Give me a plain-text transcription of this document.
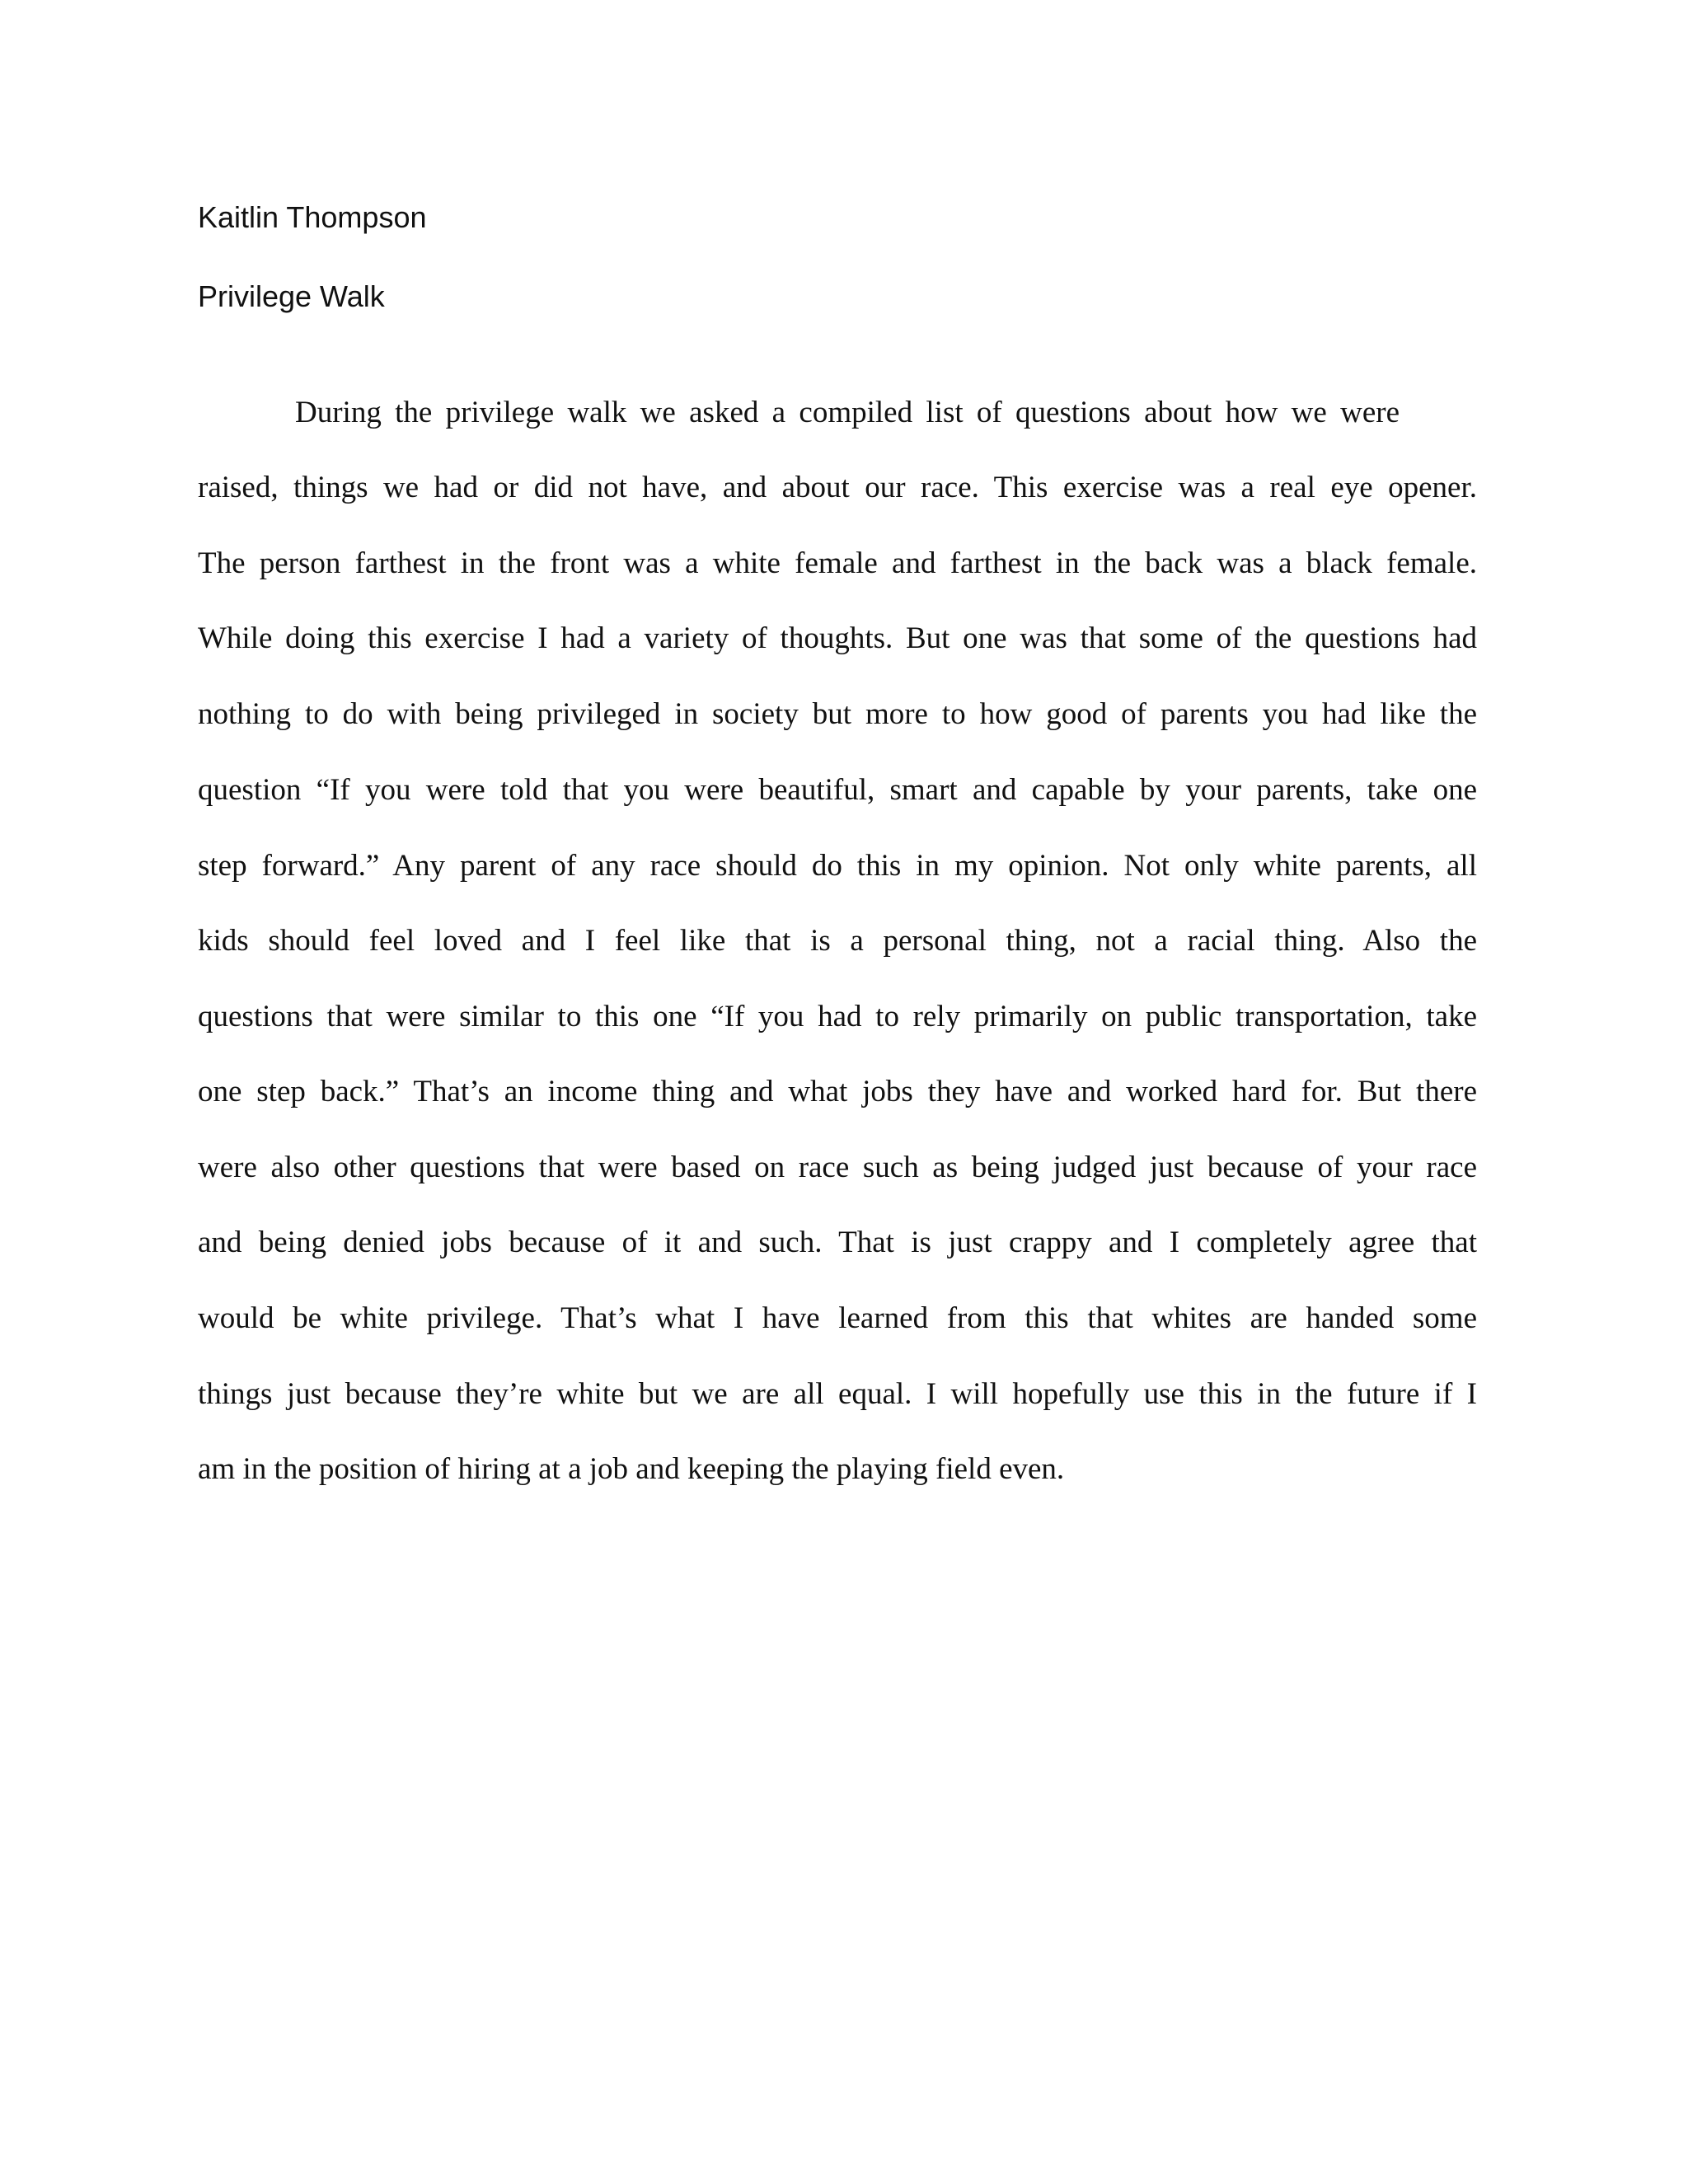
Kaitlin Thompson
Privilege Walk
During the privilege walk we asked a compiled list of questions about how we were
raised, things we had or did not have, and about our race. This exercise was a real eye opener.
The person farthest in the front was a white female and farthest in the back was a black female.
While doing this exercise I had a variety of thoughts. But one was that some of the questions had
nothing to do with being privileged in society but more to how good of parents you had like the
question “If you were told that you were beautiful, smart and capable by your parents, take one
step forward.” Any parent of any race should do this in my opinion. Not only white parents, all
kids should feel loved and I feel like that is a personal thing, not a racial thing. Also the
questions that were similar to this one “If you had to rely primarily on public transportation, take
one step back.” That’s an income thing and what jobs they have and worked hard for. But there
were also other questions that were based on race such as being judged just because of your race
and being denied jobs because of it and such. That is just crappy and I completely agree that
would be white privilege. That’s what I have learned from this that whites are handed some
things just because they’re white but we are all equal. I will hopefully use this in the future if I
am in the position of hiring at a job and keeping the playing field even.
